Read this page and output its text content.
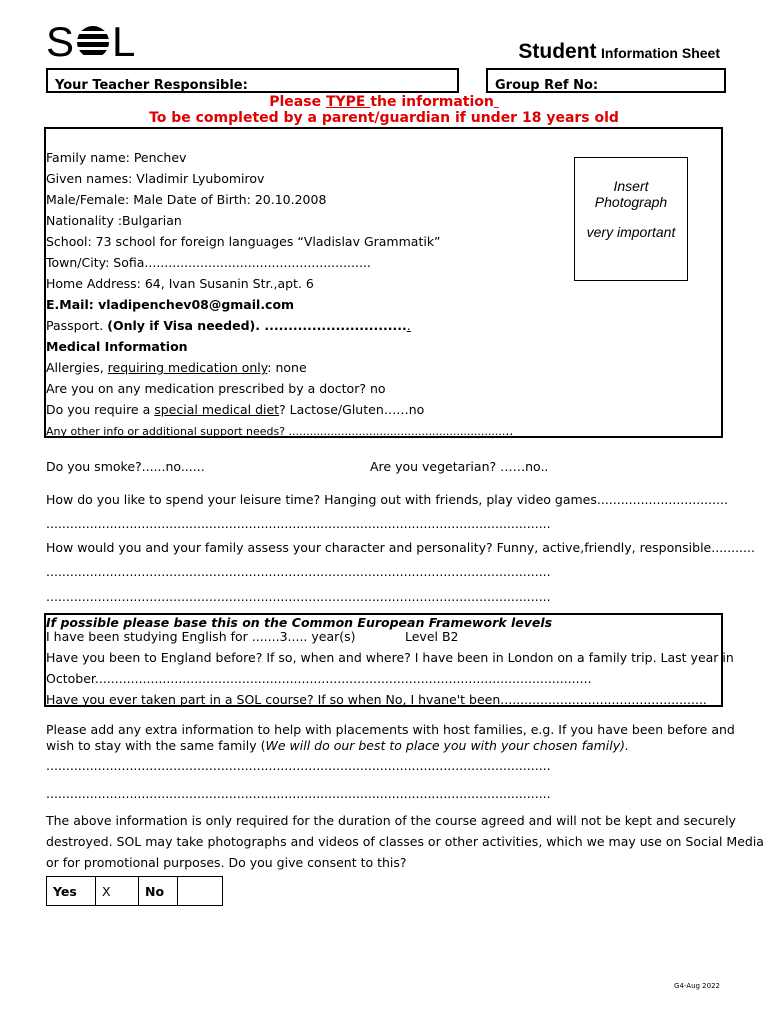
S L	Student Information Sheet
Your Teacher Responsible:	Group Ref No:
Please TYPE the information
To be completed by a parent/guardian if under 18 years old
Insert
Photograph
very important
Family name: Penchev
Given names: Vladimir Lyubomirov
Male/Female: Male Date of Birth: 20.10.2008
Nationality :Bulgarian
School: 73 school for foreign languages “Vladislav Grammatik”
Town/City: Sofia.........................................................
Home Address: 64, Ivan Susanin Str.,apt. 6
E.Mail: vladipenchev08@gmail.com
Passport. (Only if Visa needed). ...............................
Medical Information
Allergies, requiring medication only: none
Are you on any medication prescribed by a doctor? no
Do you require a special medical diet? Lactose/Gluten……no
Any other info or additional support needs? ................................................................
Do you smoke?......no......	Are you vegetarian? ……no..
How do you like to spend your leisure time? Hanging out with friends, play video games.................................
...............................................................................................................................
How would you and your family assess your character and personality? Funny, active,friendly, responsible...........
...............................................................................................................................
...............................................................................................................................
If possible please base this on the Common European Framework levels
I have been studying English for .......3..... year(s)	Level B2
Have you been to England before? If so, when and where? I have been in London on a family trip. Last year in
October.............................................................................................................................
Have you ever taken part in a SOL course? If so when No, I hvane't been....................................................
Please add any extra information to help with placements with host families, e.g. If you have been before and
wish to stay with the same family (We will do our best to place you with your chosen family).
...............................................................................................................................
...............................................................................................................................
The above information is only required for the duration of the course agreed and will not be kept and securely
destroyed. SOL may take photographs and videos of classes or other activities, which we may use on Social Media
or for promotional purposes. Do you give consent to this?
Yes	X	No	
G4-Aug 2022
